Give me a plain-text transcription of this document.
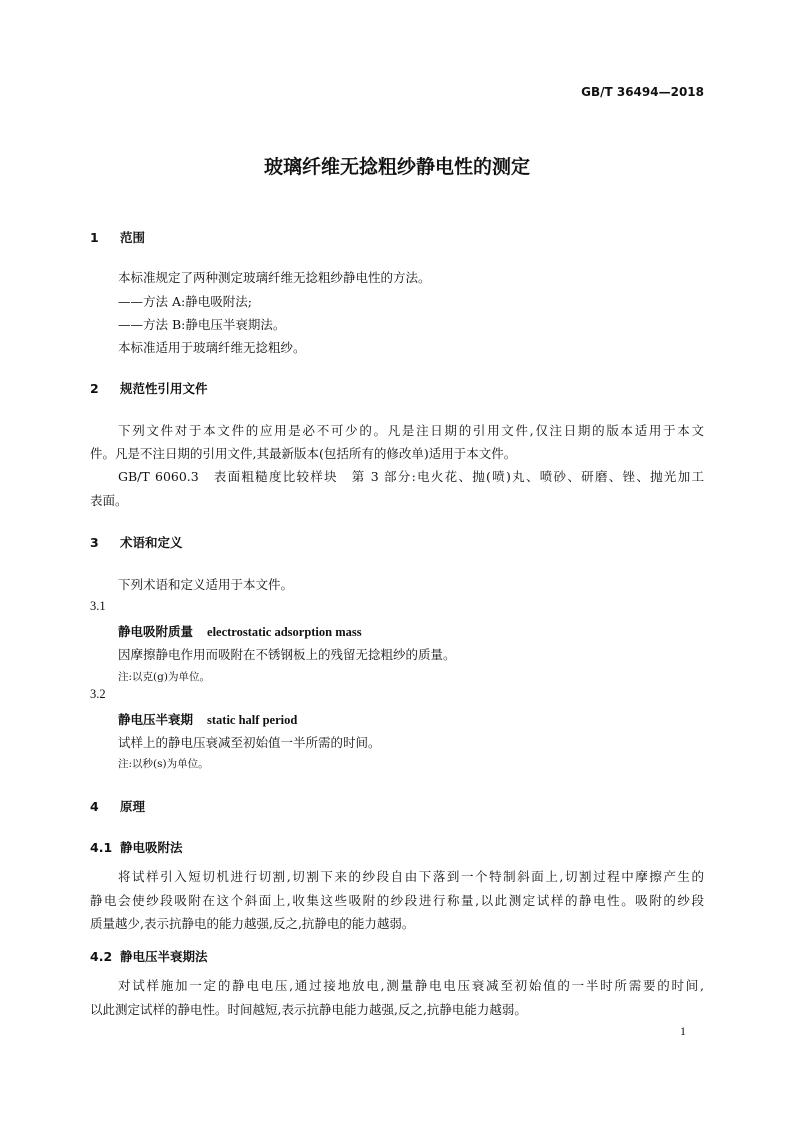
GB/T 36494—2018
玻璃纤维无捻粗纱静电性的测定
1 范围
本标准规定了两种测定玻璃纤维无捻粗纱静电性的方法。
——方法 A:静电吸附法;
——方法 B:静电压半衰期法。
本标准适用于玻璃纤维无捻粗纱。
2 规范性引用文件
下列文件对于本文件的应用是必不可少的。凡是注日期的引用文件,仅注日期的版本适用于本文
件。凡是不注日期的引用文件,其最新版本(包括所有的修改单)适用于本文件。
GB/T 6060.3　表面粗糙度比较样块　第 3 部分:电火花、抛(喷)丸、喷砂、研磨、锉、抛光加工
表面。
3 术语和定义
下列术语和定义适用于本文件。
3.1
静电吸附质量 electrostatic adsorption mass
因摩擦静电作用而吸附在不锈钢板上的残留无捻粗纱的质量。
注:以克(g)为单位。
3.2
静电压半衰期 static half period
试样上的静电压衰减至初始值一半所需的时间。
注:以秒(s)为单位。
4 原理
4.1 静电吸附法
将试样引入短切机进行切割,切割下来的纱段自由下落到一个特制斜面上,切割过程中摩擦产生的
静电会使纱段吸附在这个斜面上,收集这些吸附的纱段进行称量,以此测定试样的静电性。吸附的纱段
质量越少,表示抗静电的能力越强,反之,抗静电的能力越弱。
4.2 静电压半衰期法
对试样施加一定的静电电压,通过接地放电,测量静电电压衰减至初始值的一半时所需要的时间,
以此测定试样的静电性。时间越短,表示抗静电能力越强,反之,抗静电能力越弱。
1
